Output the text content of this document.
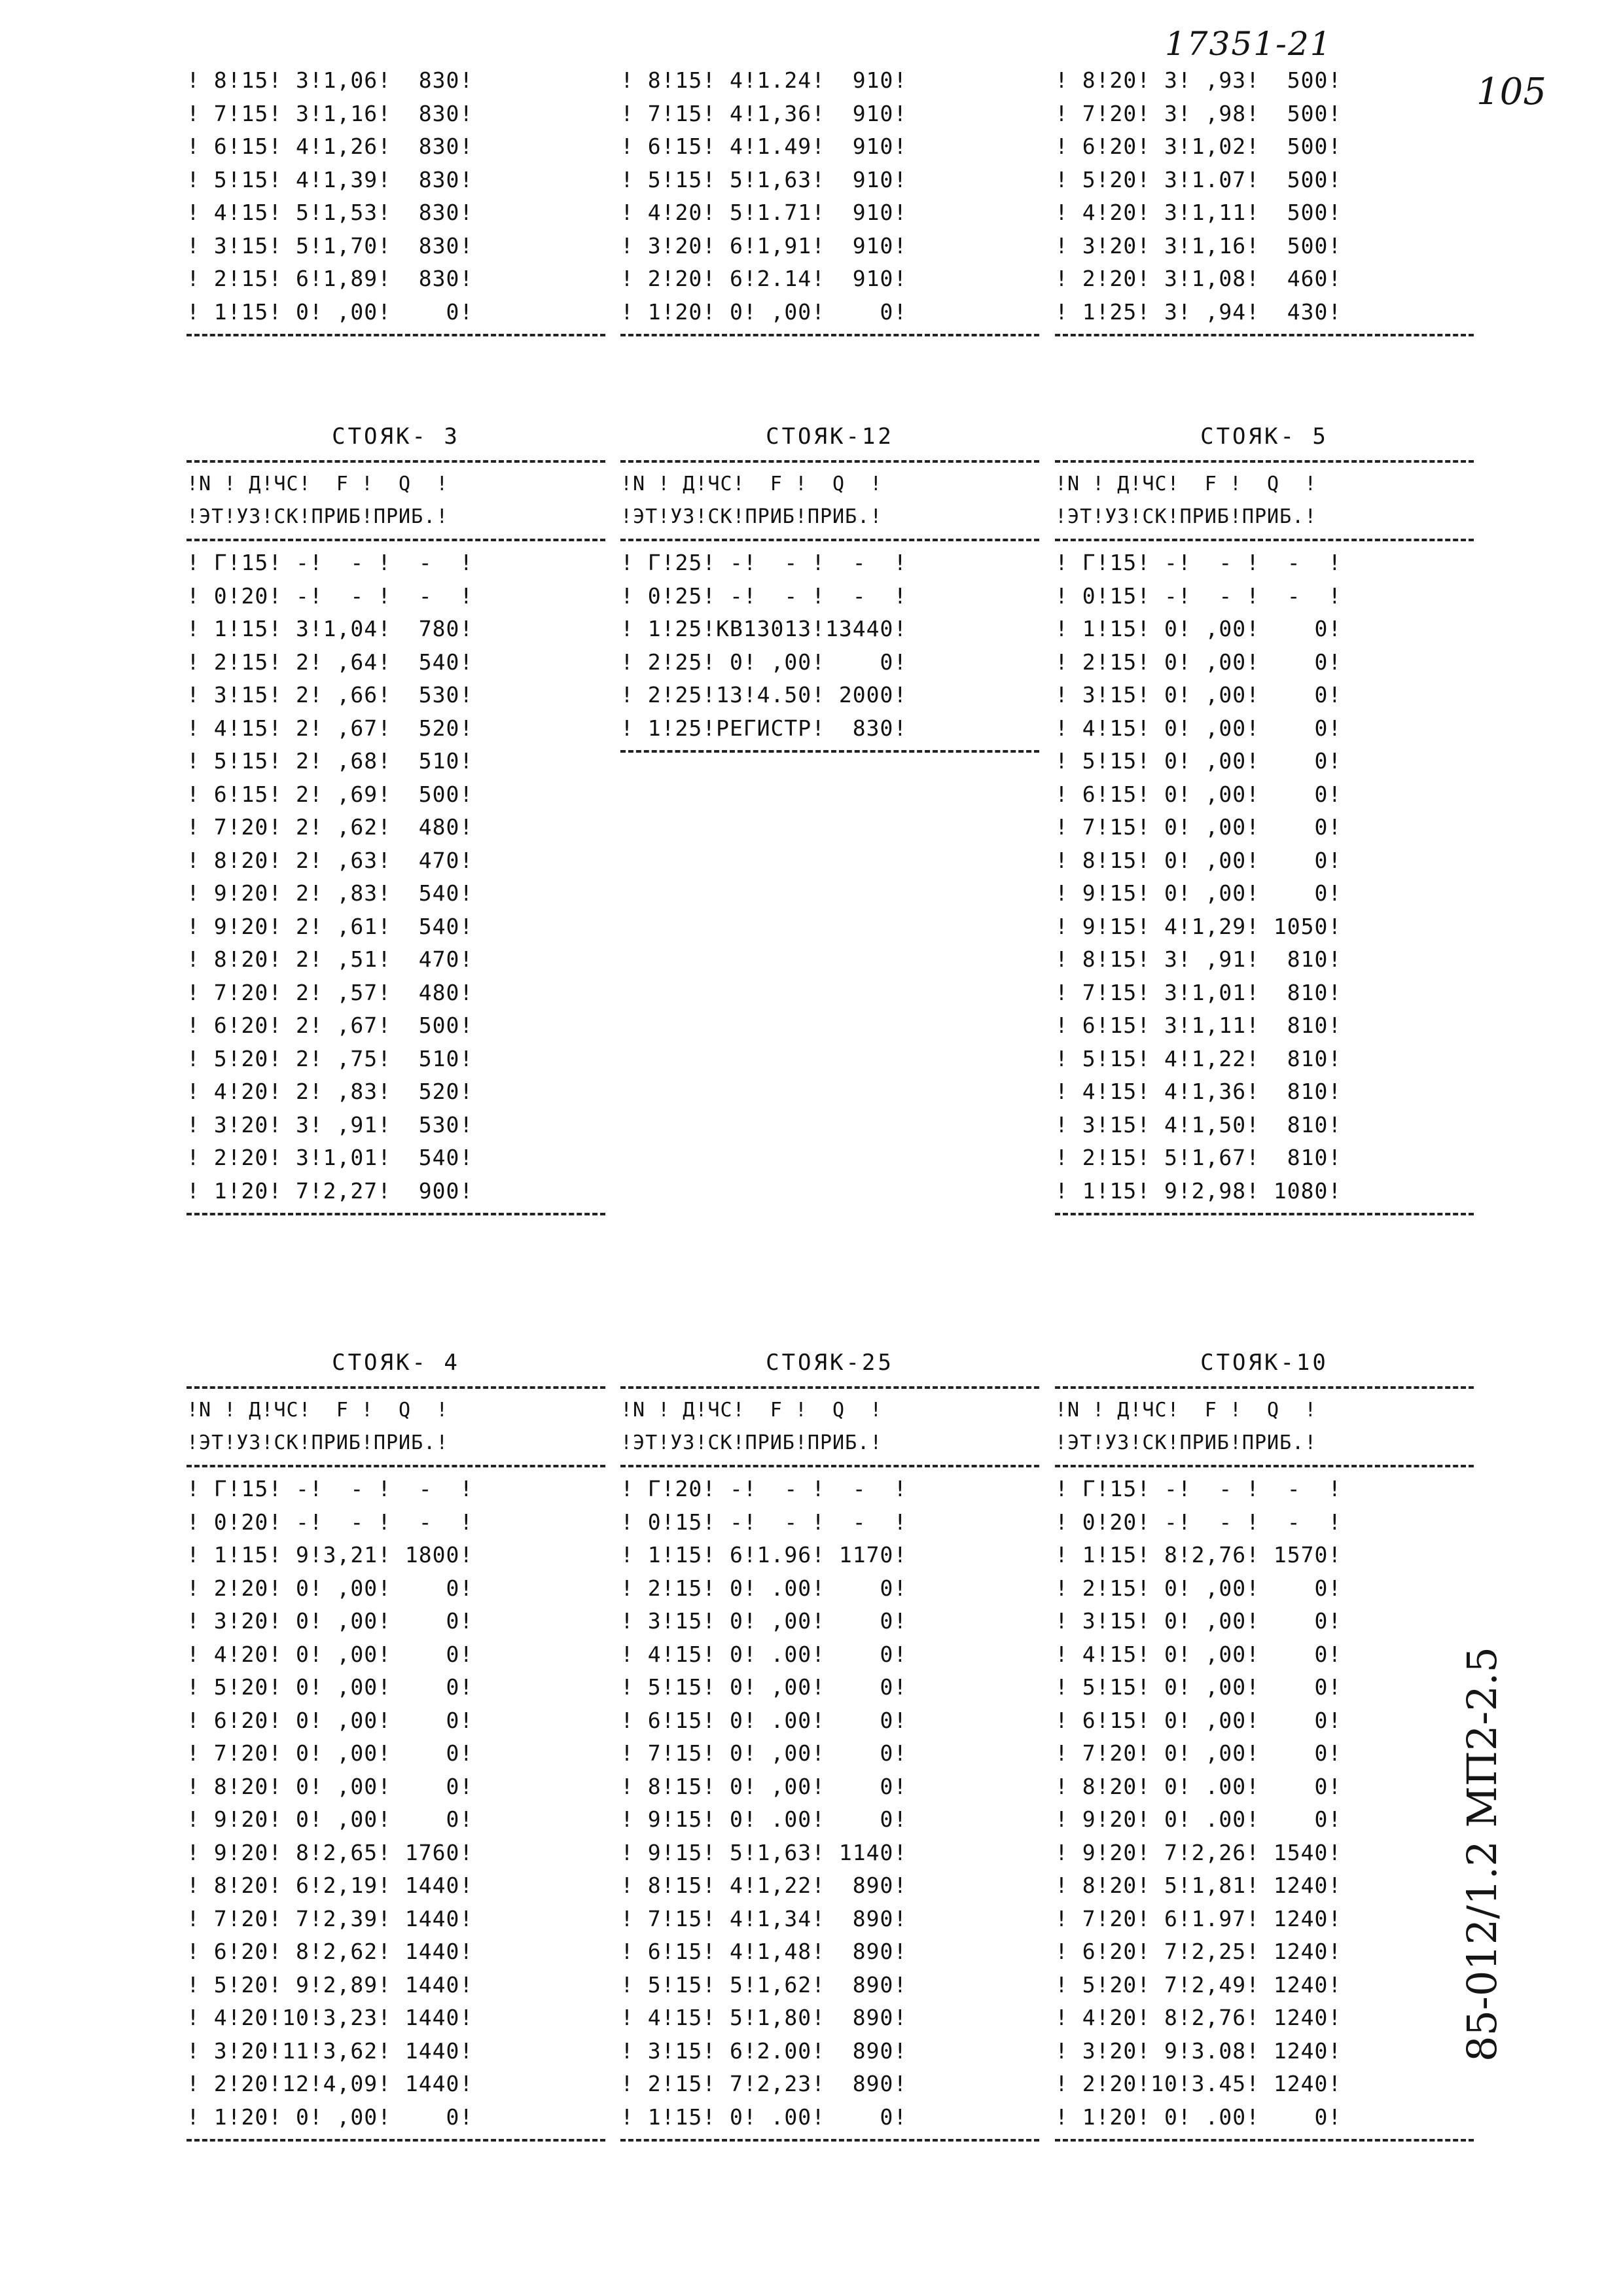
17351-21
105
85-012/1.2 МП2-2.5
! 8!15! 3!1,06!  830!
! 7!15! 3!1,16!  830!
! 6!15! 4!1,26!  830!
! 5!15! 4!1,39!  830!
! 4!15! 5!1,53!  830!
! 3!15! 5!1,70!  830!
! 2!15! 6!1,89!  830!
! 1!15! 0! ,00!    0!
! 8!15! 4!1.24!  910!
! 7!15! 4!1,36!  910!
! 6!15! 4!1.49!  910!
! 5!15! 5!1,63!  910!
! 4!20! 5!1.71!  910!
! 3!20! 6!1,91!  910!
! 2!20! 6!2.14!  910!
! 1!20! 0! ,00!    0!
! 8!20! 3! ,93!  500!
! 7!20! 3! ,98!  500!
! 6!20! 3!1,02!  500!
! 5!20! 3!1.07!  500!
! 4!20! 3!1,11!  500!
! 3!20! 3!1,16!  500!
! 2!20! 3!1,08!  460!
! 1!25! 3! ,94!  430!
СТОЯК- 3
!N ! Д!ЧС!  F !  Q  !
!ЭТ!УЗ!СК!ПРИБ!ПРИБ.!
! Г!15! -!  - !  -  !
! 0!20! -!  - !  -  !
! 1!15! 3!1,04!  780!
! 2!15! 2! ,64!  540!
! 3!15! 2! ,66!  530!
! 4!15! 2! ,67!  520!
! 5!15! 2! ,68!  510!
! 6!15! 2! ,69!  500!
! 7!20! 2! ,62!  480!
! 8!20! 2! ,63!  470!
! 9!20! 2! ,83!  540!
! 9!20! 2! ,61!  540!
! 8!20! 2! ,51!  470!
! 7!20! 2! ,57!  480!
! 6!20! 2! ,67!  500!
! 5!20! 2! ,75!  510!
! 4!20! 2! ,83!  520!
! 3!20! 3! ,91!  530!
! 2!20! 3!1,01!  540!
! 1!20! 7!2,27!  900!
СТОЯК-12
!N ! Д!ЧС!  F !  Q  !
!ЭТ!УЗ!СК!ПРИБ!ПРИБ.!
! Г!25! -!  - !  -  !
! 0!25! -!  - !  -  !
! 1!25!КВ13013!13440!
! 2!25! 0! ,00!    0!
! 2!25!13!4.50! 2000!
! 1!25!РЕГИСТР!  830!
СТОЯК- 5
!N ! Д!ЧС!  F !  Q  !
!ЭТ!УЗ!СК!ПРИБ!ПРИБ.!
! Г!15! -!  - !  -  !
! 0!15! -!  - !  -  !
! 1!15! 0! ,00!    0!
! 2!15! 0! ,00!    0!
! 3!15! 0! ,00!    0!
! 4!15! 0! ,00!    0!
! 5!15! 0! ,00!    0!
! 6!15! 0! ,00!    0!
! 7!15! 0! ,00!    0!
! 8!15! 0! ,00!    0!
! 9!15! 0! ,00!    0!
! 9!15! 4!1,29! 1050!
! 8!15! 3! ,91!  810!
! 7!15! 3!1,01!  810!
! 6!15! 3!1,11!  810!
! 5!15! 4!1,22!  810!
! 4!15! 4!1,36!  810!
! 3!15! 4!1,50!  810!
! 2!15! 5!1,67!  810!
! 1!15! 9!2,98! 1080!
СТОЯК- 4
!N ! Д!ЧС!  F !  Q  !
!ЭТ!УЗ!СК!ПРИБ!ПРИБ.!
! Г!15! -!  - !  -  !
! 0!20! -!  - !  -  !
! 1!15! 9!3,21! 1800!
! 2!20! 0! ,00!    0!
! 3!20! 0! ,00!    0!
! 4!20! 0! ,00!    0!
! 5!20! 0! ,00!    0!
! 6!20! 0! ,00!    0!
! 7!20! 0! ,00!    0!
! 8!20! 0! ,00!    0!
! 9!20! 0! ,00!    0!
! 9!20! 8!2,65! 1760!
! 8!20! 6!2,19! 1440!
! 7!20! 7!2,39! 1440!
! 6!20! 8!2,62! 1440!
! 5!20! 9!2,89! 1440!
! 4!20!10!3,23! 1440!
! 3!20!11!3,62! 1440!
! 2!20!12!4,09! 1440!
! 1!20! 0! ,00!    0!
СТОЯК-25
!N ! Д!ЧС!  F !  Q  !
!ЭТ!УЗ!СК!ПРИБ!ПРИБ.!
! Г!20! -!  - !  -  !
! 0!15! -!  - !  -  !
! 1!15! 6!1.96! 1170!
! 2!15! 0! .00!    0!
! 3!15! 0! ,00!    0!
! 4!15! 0! .00!    0!
! 5!15! 0! ,00!    0!
! 6!15! 0! .00!    0!
! 7!15! 0! ,00!    0!
! 8!15! 0! ,00!    0!
! 9!15! 0! .00!    0!
! 9!15! 5!1,63! 1140!
! 8!15! 4!1,22!  890!
! 7!15! 4!1,34!  890!
! 6!15! 4!1,48!  890!
! 5!15! 5!1,62!  890!
! 4!15! 5!1,80!  890!
! 3!15! 6!2.00!  890!
! 2!15! 7!2,23!  890!
! 1!15! 0! .00!    0!
СТОЯК-10
!N ! Д!ЧС!  F !  Q  !
!ЭТ!УЗ!СК!ПРИБ!ПРИБ.!
! Г!15! -!  - !  -  !
! 0!20! -!  - !  -  !
! 1!15! 8!2,76! 1570!
! 2!15! 0! ,00!    0!
! 3!15! 0! ,00!    0!
! 4!15! 0! ,00!    0!
! 5!15! 0! ,00!    0!
! 6!15! 0! ,00!    0!
! 7!20! 0! ,00!    0!
! 8!20! 0! .00!    0!
! 9!20! 0! .00!    0!
! 9!20! 7!2,26! 1540!
! 8!20! 5!1,81! 1240!
! 7!20! 6!1.97! 1240!
! 6!20! 7!2,25! 1240!
! 5!20! 7!2,49! 1240!
! 4!20! 8!2,76! 1240!
! 3!20! 9!3.08! 1240!
! 2!20!10!3.45! 1240!
! 1!20! 0! .00!    0!
